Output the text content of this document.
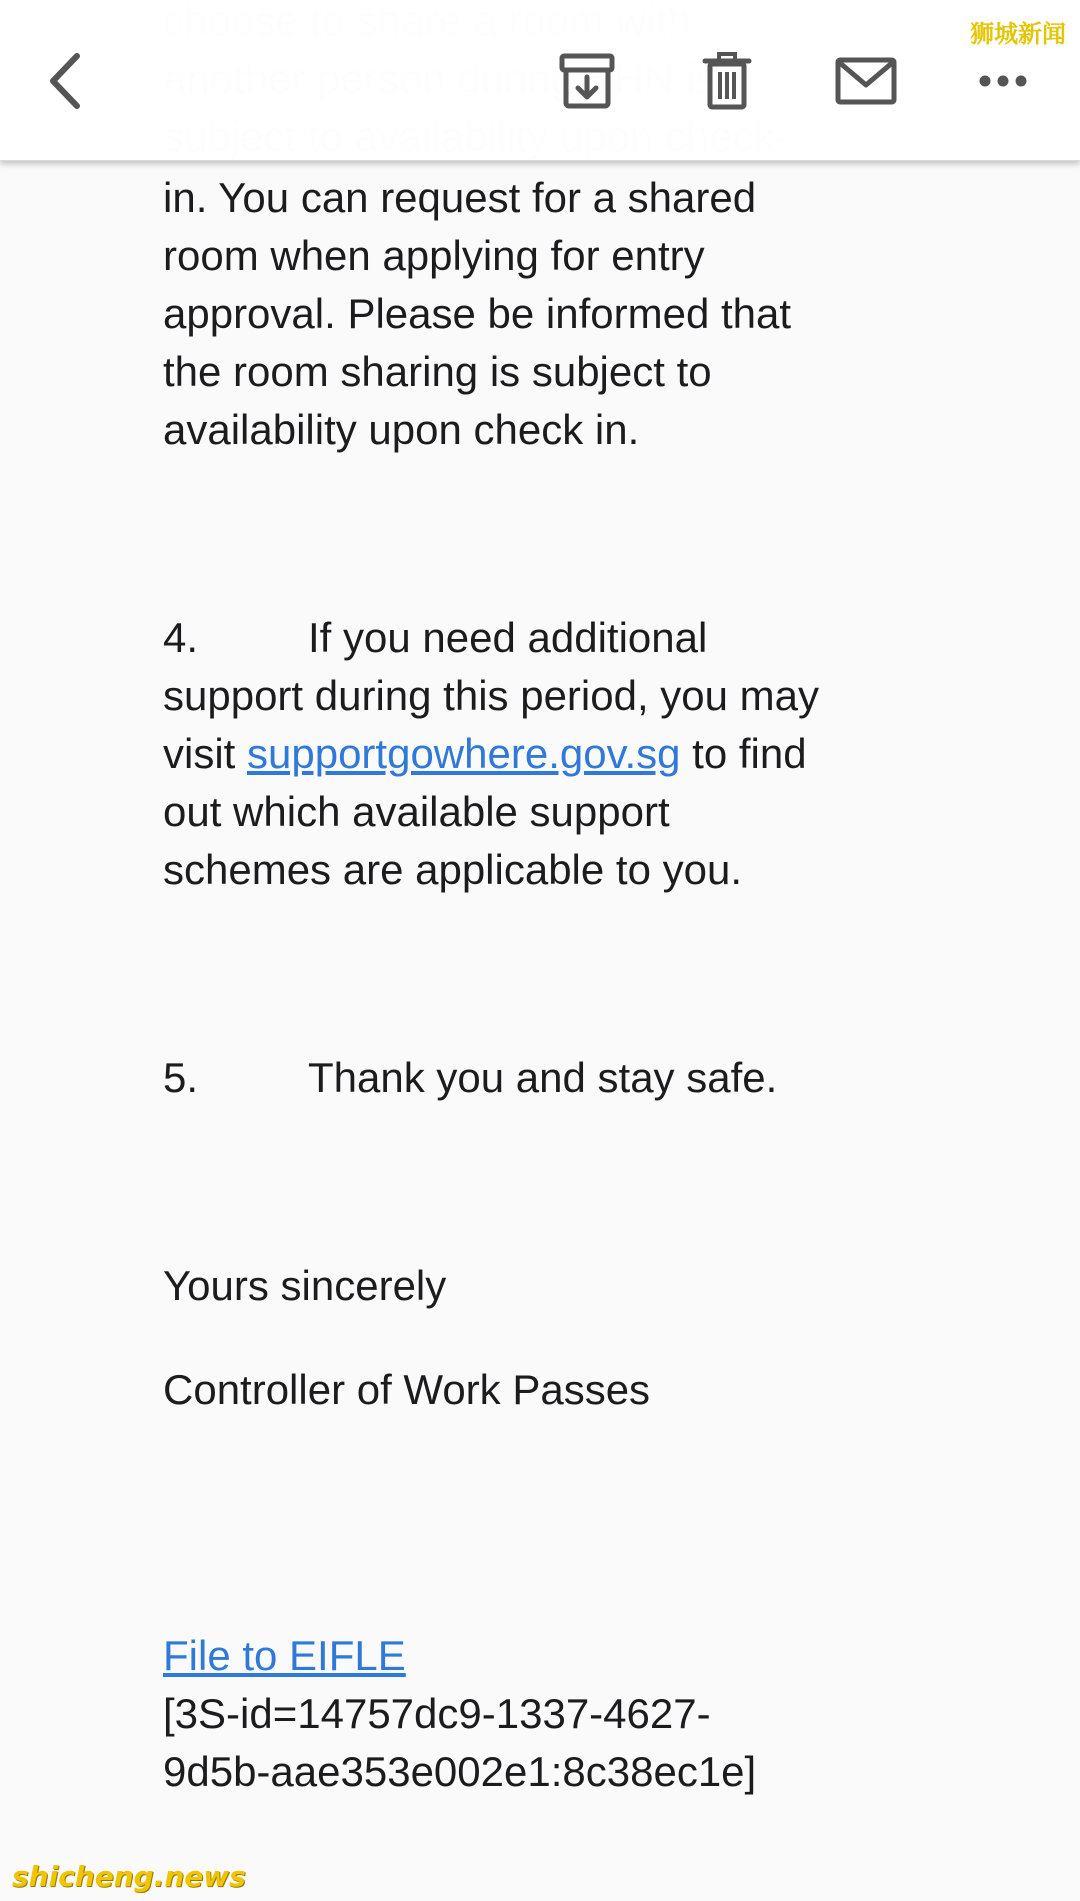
in. You can request for a shared

room when applying for entry

approval. Please be informed that

the room sharing is subject to

availability upon check in.

4.	If you need additional

support during this period, you may

visit supportgowhere.gov.sg to find

out which available support

schemes are applicable to you.

5.	Thank you and stay safe.

Yours sincerely

Controller of Work Passes

File to EIFLE

[3S-id=14757dc9-1337-4627-

9d5b-aae353e002e1:8c38ec1e]

狮城新闻
shicheng.news
